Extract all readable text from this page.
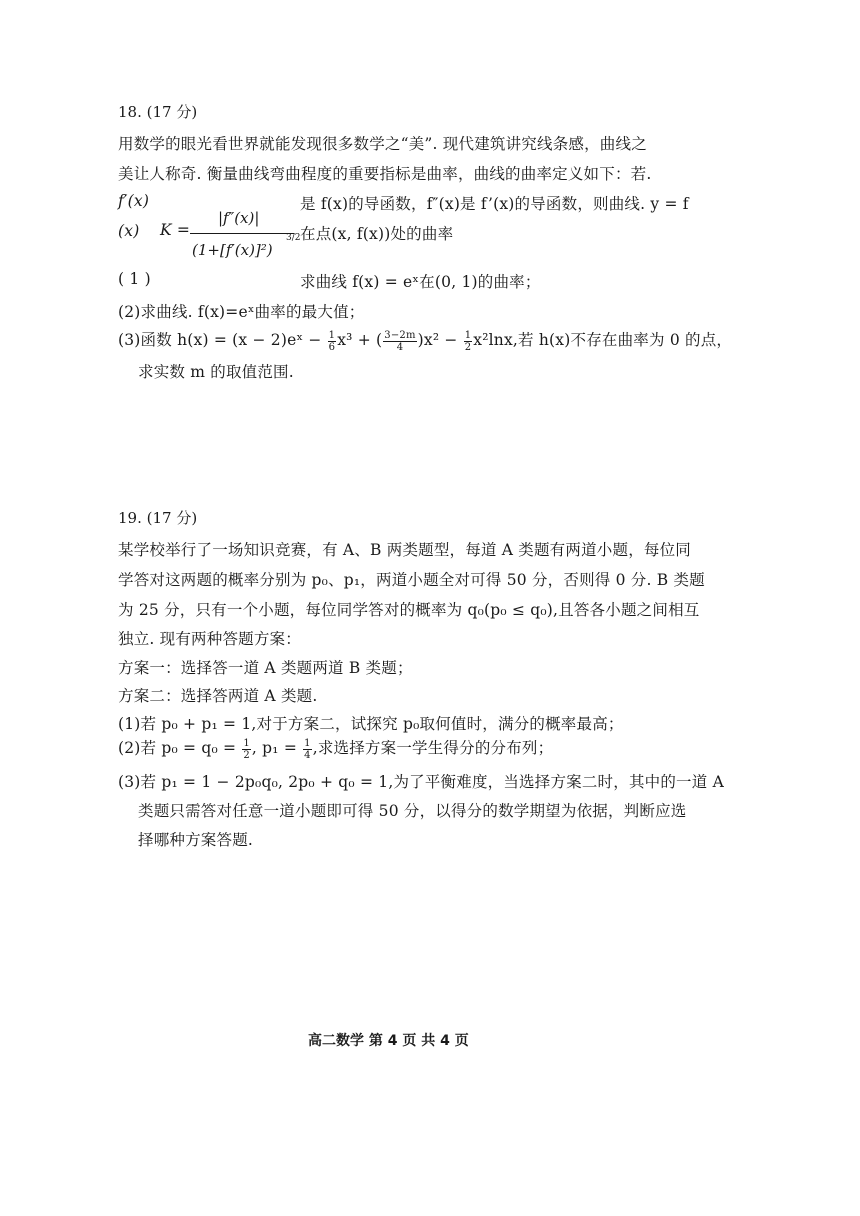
18. (17 分)
用数学的眼光看世界就能发现很多数学之“美”. 现代建筑讲究线条感，曲线之
美让人称奇. 衡量曲线弯曲程度的重要指标是曲率，曲线的曲率定义如下：若.
f′(x)	是 f(x)的导函数，f″(x)是 f’(x)的导函数，则曲线. y = f
(x) K =
|f″(x)|
(1+[f′(x)]²)
3/2 在点(x, f(x))处的曲率
( 1 )	求曲线 f(x) = eˣ在(0, 1)的曲率；
(2)求曲线. f(x)=eˣ曲率的最大值；
(3)函数 h(x) = (x − 2)eˣ − $\frac{1}{6} x^3$ + ( $\frac{3-2m}{4} )x^2 - \frac{1}{2} x^2\ln x$,若 h(x)不存在曲率为 0 的点，
求实数 m 的取值范围.
19. (17 分)
某学校举行了一场知识竞赛，有 A、B 两类题型，每道 A 类题有两道小题，每位同
学答对这两题的概率分别为 p₀、p₁，两道小题全对可得 50 分，否则得 0 分. B 类题
为 25 分，只有一个小题，每位同学答对的概率为 q₀(p₀ ≤ q₀),且答各小题之间相互
独立. 现有两种答题方案：
方案一：选择答一道 A 类题两道 B 类题；
方案二：选择答两道 A 类题.
(1)若 p₀ + p₁ = 1,对于方案二，试探究 p₀取何值时，满分的概率最高；
(2)若 $p_0 = q_0 = \frac{1}{2}$ , $p_1 = \frac{1}{4}$ ,求选择方案一学生得分的分布列；
(3)若 p₁ = 1 − 2p₀q₀, 2p₀ + q₀ = 1,为了平衡难度，当选择方案二时，其中的一道 A
类题只需答对任意一道小题即可得 50 分，以得分的数学期望为依据，判断应选
择哪种方案答题.
高二数学 第 4 页 共 4 页
